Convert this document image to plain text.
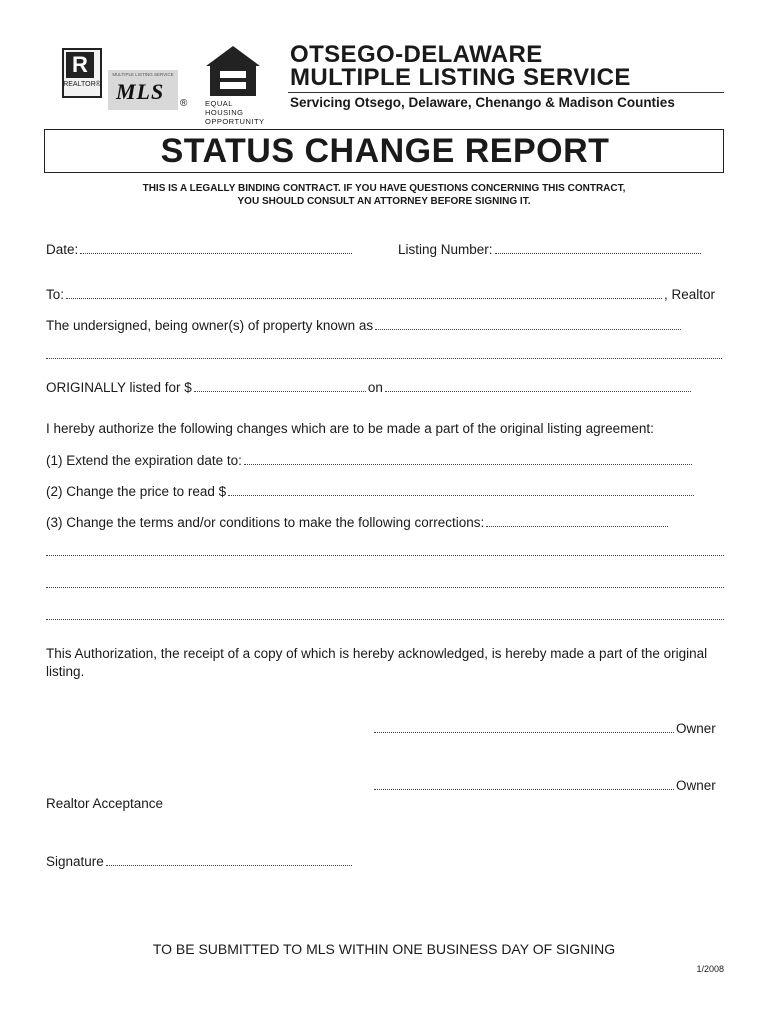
R
REALTOR®
MULTIPLE LISTING SERVICE
MLS ® EQUAL HOUSING OPPORTUNITY
OTSEGO-DELAWARE
MULTIPLE LISTING SERVICE
Servicing Otsego, Delaware, Chenango & Madison Counties
STATUS CHANGE REPORT
THIS IS A LEGALLY BINDING CONTRACT. IF YOU HAVE QUESTIONS CONCERNING THIS CONTRACT,
YOU SHOULD CONSULT AN ATTORNEY BEFORE SIGNING IT.
Date:	Listing Number:
To:	, Realtor
The undersigned, being owner(s) of property known as
ORIGINALLY listed for $	on
I hereby authorize the following changes which are to be made a part of the original listing agreement:
(1) Extend the expiration date to:
(2) Change the price to read $
(3) Change the terms and/or conditions to make the following corrections:
This Authorization, the receipt of a copy of which is hereby acknowledged, is hereby made a part of the original listing.
Owner
Owner
Realtor Acceptance
Signature
TO BE SUBMITTED TO MLS WITHIN ONE BUSINESS DAY OF SIGNING
1/2008
